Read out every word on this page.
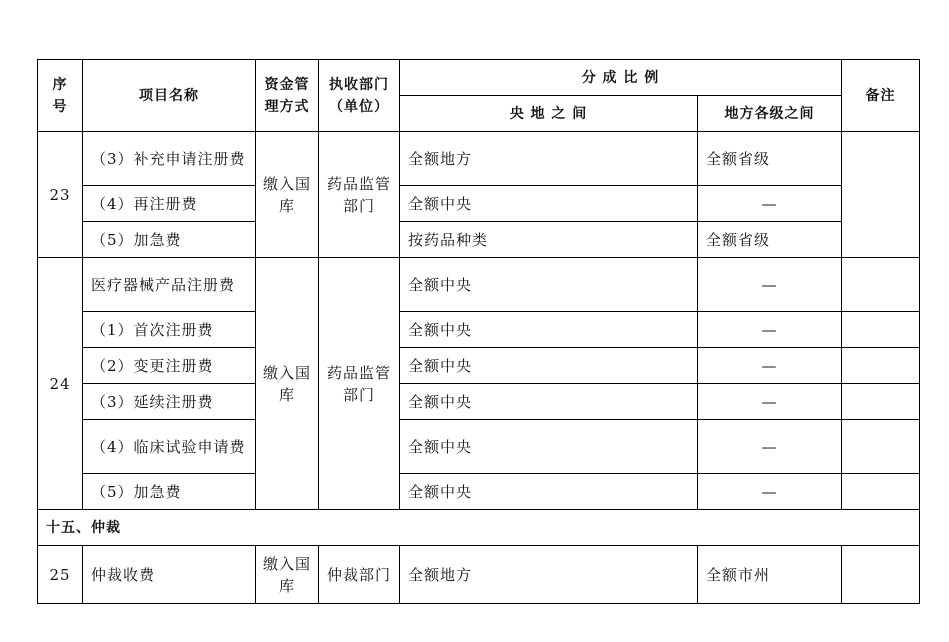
序号	项目名称	资金管理方式	执收部门（单位）	分 成 比 例		备注
				央 地 之 间	地方各级之间	
23	（3）补充申请注册费	缴入国库	药品监管部门	全额地方	全额省级	
	（4）再注册费			全额中央	—	
	（5）加急费			按药品种类	全额省级	
24	医疗器械产品注册费	缴入国库	药品监管部门	全额中央	—	
	（1）首次注册费			全额中央	—	
	（2）变更注册费			全额中央	—	
	（3）延续注册费			全额中央	—	
	（4）临床试验申请费			全额中央	—	
	（5）加急费			全额中央	—	
十五、仲裁						
25	仲裁收费	缴入国库	仲裁部门	全额地方	全额市州	
